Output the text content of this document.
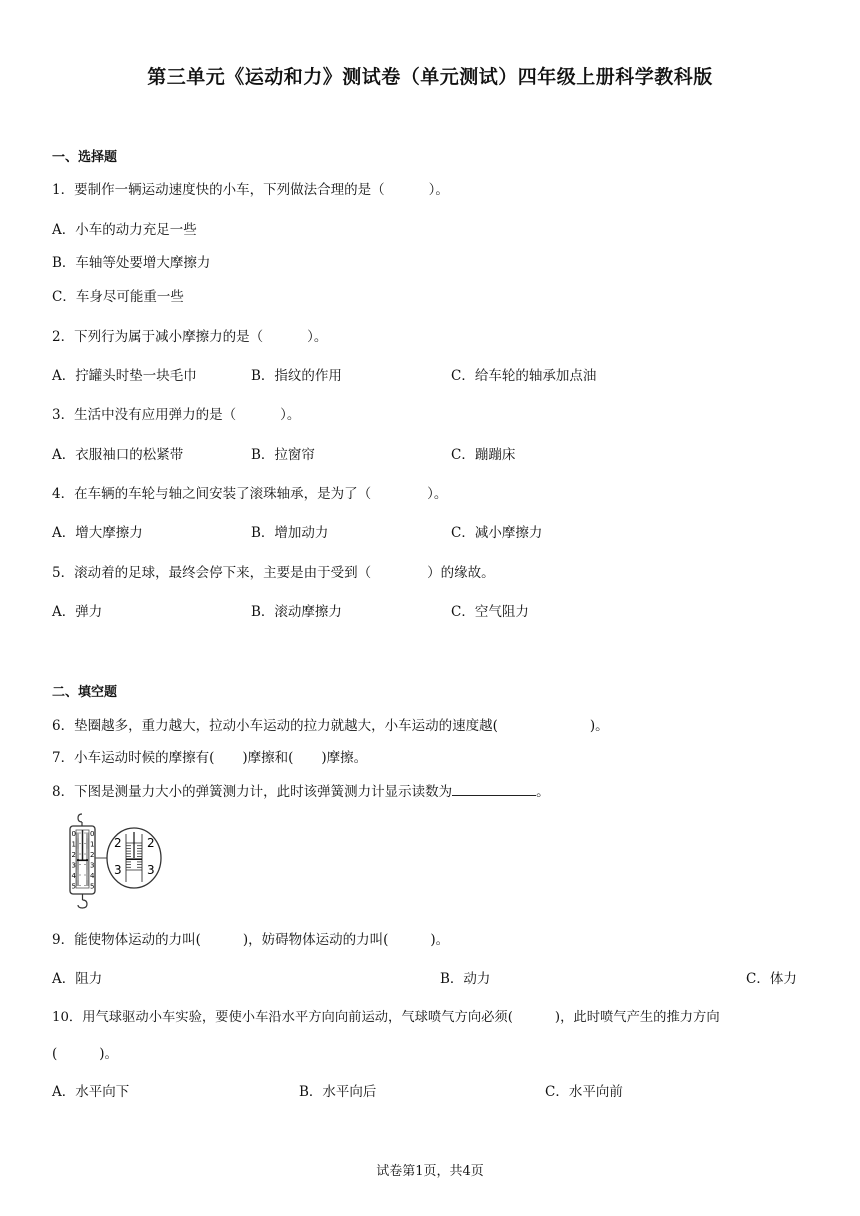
第三单元《运动和力》测试卷（单元测试）四年级上册科学教科版
一、选择题
1．要制作一辆运动速度快的小车，下列做法合理的是（	）。
A．小车的动力充足一些
B．车轴等处要增大摩擦力
C．车身尽可能重一些
2．下列行为属于减小摩擦力的是（	）。
A．拧罐头时垫一块毛巾	B．指纹的作用	C．给车轮的轴承加点油
3．生活中没有应用弹力的是（	）。
A．衣服袖口的松紧带	B．拉窗帘	C．蹦蹦床
4．在车辆的车轮与轴之间安装了滚珠轴承，是为了（	）。
A．增大摩擦力	B．增加动力	C．减小摩擦力
5．滚动着的足球，最终会停下来，主要是由于受到（	）的缘故。
A．弹力	B．滚动摩擦力	C．空气阻力
二、填空题
6．垫圈越多，重力越大，拉动小车运动的拉力就越大，小车运动的速度越(	)。
7．小车运动时候的摩擦有( )摩擦和( )摩擦。
8．下图是测量力大小的弹簧测力计，此时该弹簧测力计显示读数为	。
0
1
2
3
4
5
0
1
2
3
4
5
2
3
2
3
9．能使物体运动的力叫(	)，妨碍物体运动的力叫(	)。
A．阻力	B．动力	C．体力
10．用气球驱动小车实验，要使小车沿水平方向向前运动，气球喷气方向必须(	)，此时喷气产生的推力方向
(	)。
A．水平向下	B．水平向后	C．水平向前
试卷第1页，共4页
